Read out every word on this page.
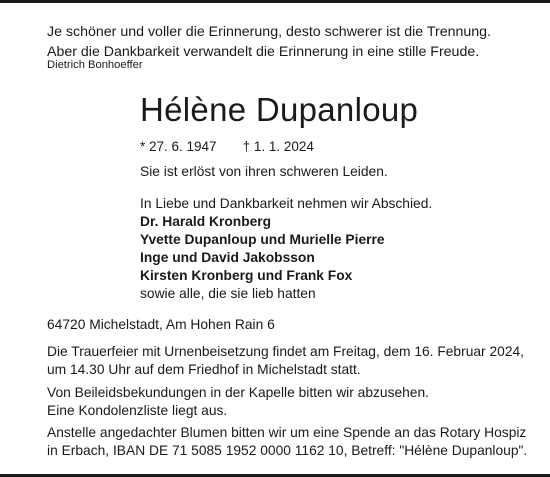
Je schöner und voller die Erinnerung, desto schwerer ist die Trennung.
Aber die Dankbarkeit verwandelt die Erinnerung in eine stille Freude.
Dietrich Bonhoeffer
Hélène Dupanloup
* 27. 6. 1947 † 1. 1. 2024
Sie ist erlöst von ihren schweren Leiden.
In Liebe und Dankbarkeit nehmen wir Abschied.
Dr. Harald Kronberg
Yvette Dupanloup und Murielle Pierre
Inge und David Jakobsson
Kirsten Kronberg und Frank Fox
sowie alle, die sie lieb hatten
64720 Michelstadt, Am Hohen Rain 6
Die Trauerfeier mit Urnenbeisetzung findet am Freitag, dem 16. Februar 2024,
um 14.30 Uhr auf dem Friedhof in Michelstadt statt.
Von Beileidsbekundungen in der Kapelle bitten wir abzusehen.
Eine Kondolenzliste liegt aus.
Anstelle angedachter Blumen bitten wir um eine Spende an das Rotary Hospiz
in Erbach, IBAN DE 71 5085 1952 0000 1162 10, Betreff: "Hélène Dupanloup".
